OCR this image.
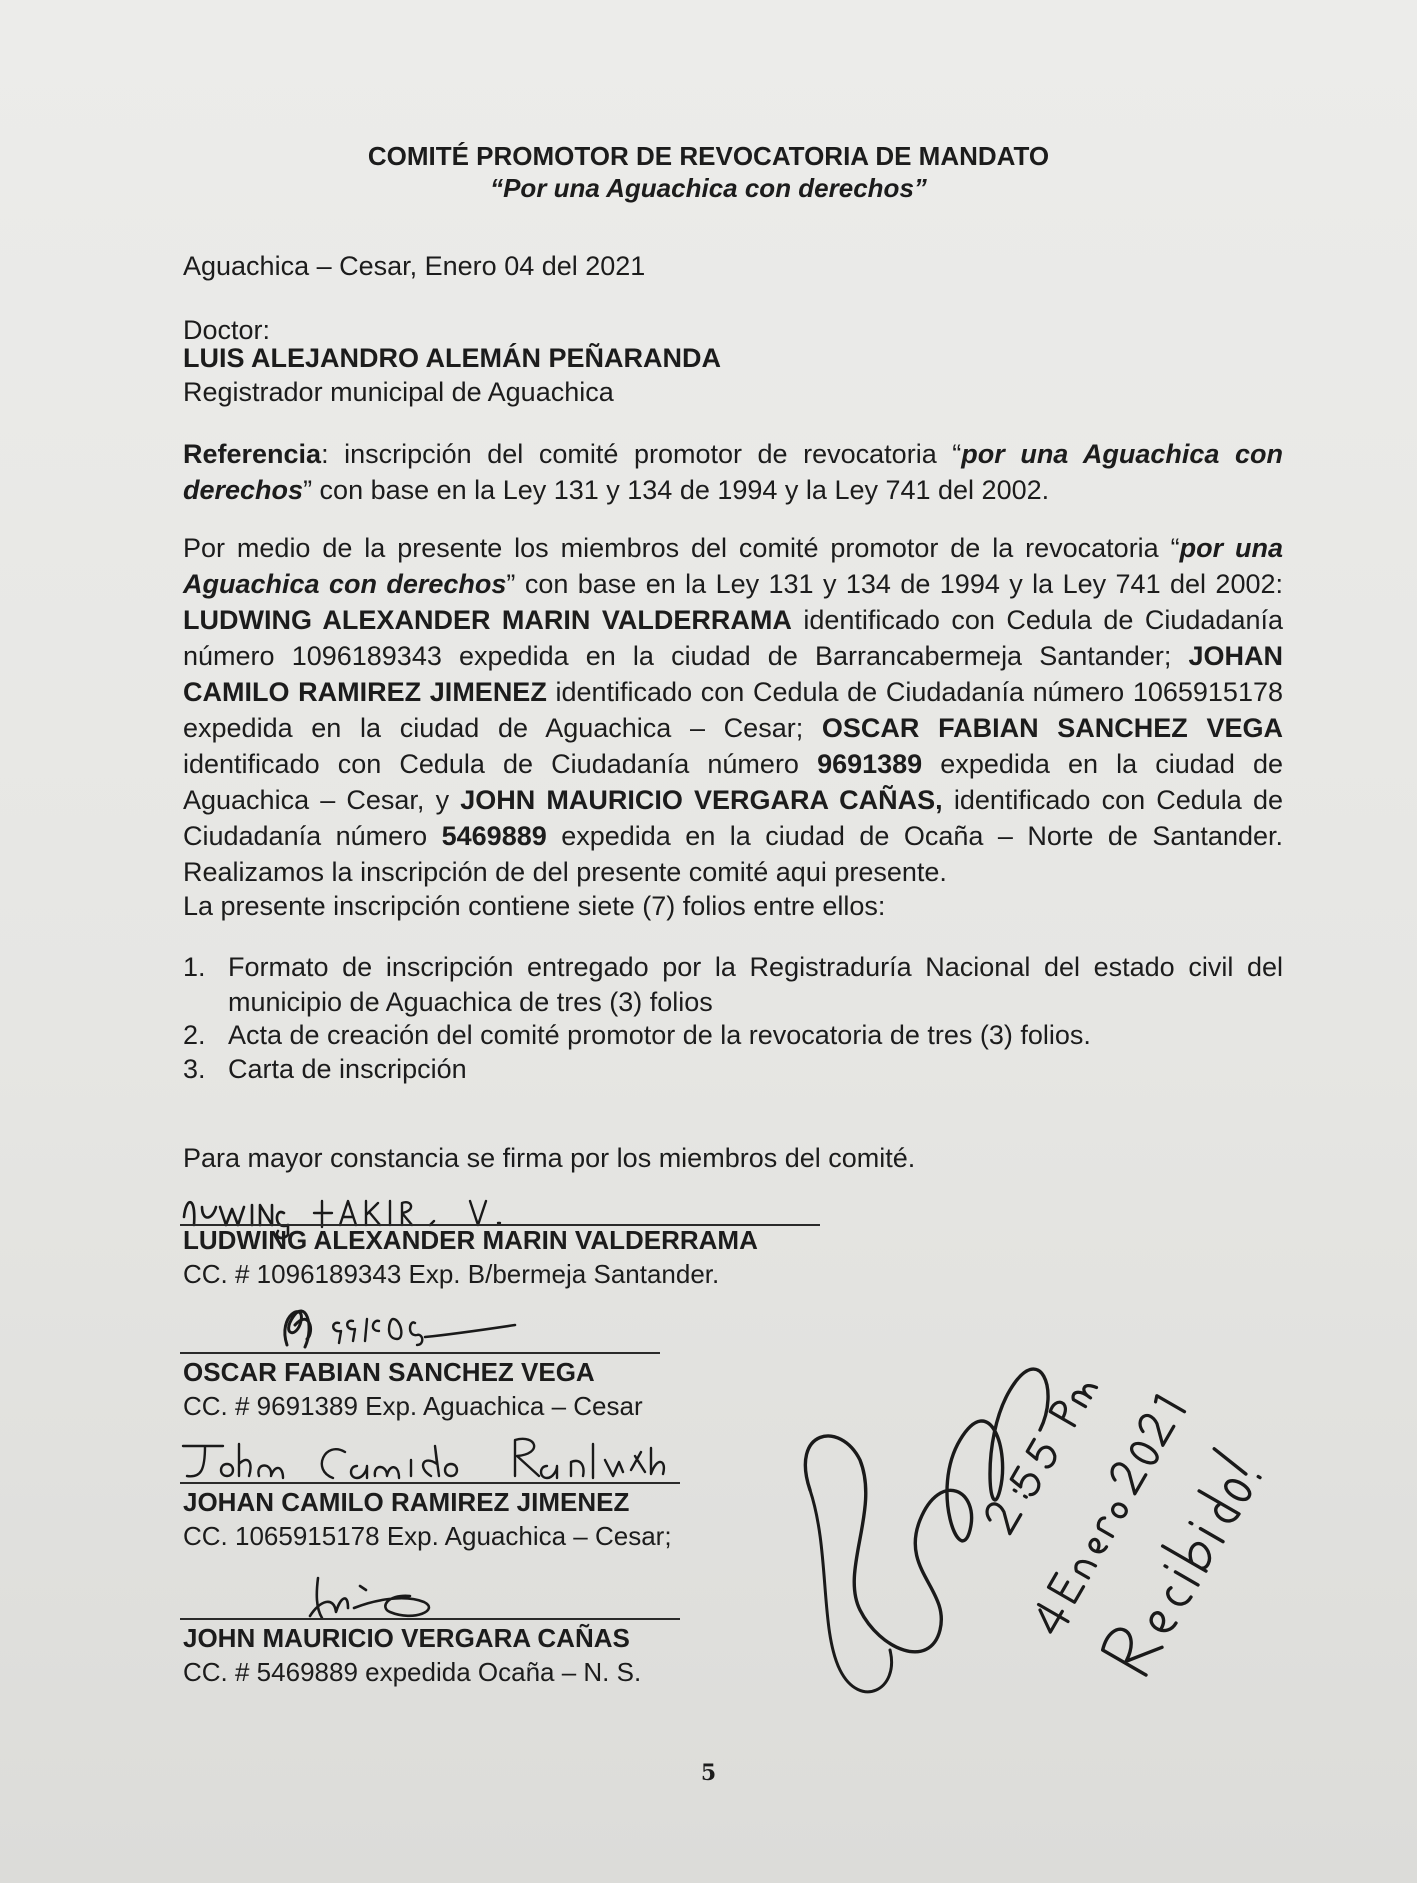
COMITÉ PROMOTOR DE REVOCATORIA DE MANDATO
“Por una Aguachica con derechos”
Aguachica – Cesar, Enero 04 del 2021
Doctor:
LUIS ALEJANDRO ALEMÁN PEÑARANDA
Registrador municipal de Aguachica
Referencia: inscripción del comité promotor de revocatoria “por una Aguachica con derechos” con base en la Ley 131 y 134 de 1994 y la Ley 741 del 2002.
Por medio de la presente los miembros del comité promotor de la revocatoria “por una Aguachica con derechos” con base en la Ley 131 y 134 de 1994 y la Ley 741 del 2002: LUDWING ALEXANDER MARIN VALDERRAMA identificado con Cedula de Ciudadanía número 1096189343 expedida en la ciudad de Barrancabermeja Santander; JOHAN CAMILO RAMIREZ JIMENEZ identificado con Cedula de Ciudadanía número 1065915178 expedida en la ciudad de Aguachica – Cesar; OSCAR FABIAN SANCHEZ VEGA identificado con Cedula de Ciudadanía número 9691389 expedida en la ciudad de Aguachica – Cesar, y JOHN MAURICIO VERGARA CAÑAS, identificado con Cedula de Ciudadanía número 5469889 expedida en la ciudad de Ocaña – Norte de Santander. Realizamos la inscripción de del presente comité aqui presente.
La presente inscripción contiene siete (7) folios entre ellos:
1. Formato de inscripción entregado por la Registraduría Nacional del estado civil del municipio de Aguachica de tres (3) folios
2. Acta de creación del comité promotor de la revocatoria de tres (3) folios.
3. Carta de inscripción
Para mayor constancia se firma por los miembros del comité.
LUDWING ALEXANDER MARIN VALDERRAMA
CC. # 1096189343 Exp. B/bermeja Santander.
OSCAR FABIAN SANCHEZ VEGA
CC. # 9691389 Exp. Aguachica – Cesar
JOHAN CAMILO RAMIREZ JIMENEZ
CC. 1065915178 Exp. Aguachica – Cesar;
JOHN MAURICIO VERGARA CAÑAS
CC. # 5469889 expedida Ocaña – N. S.
5
